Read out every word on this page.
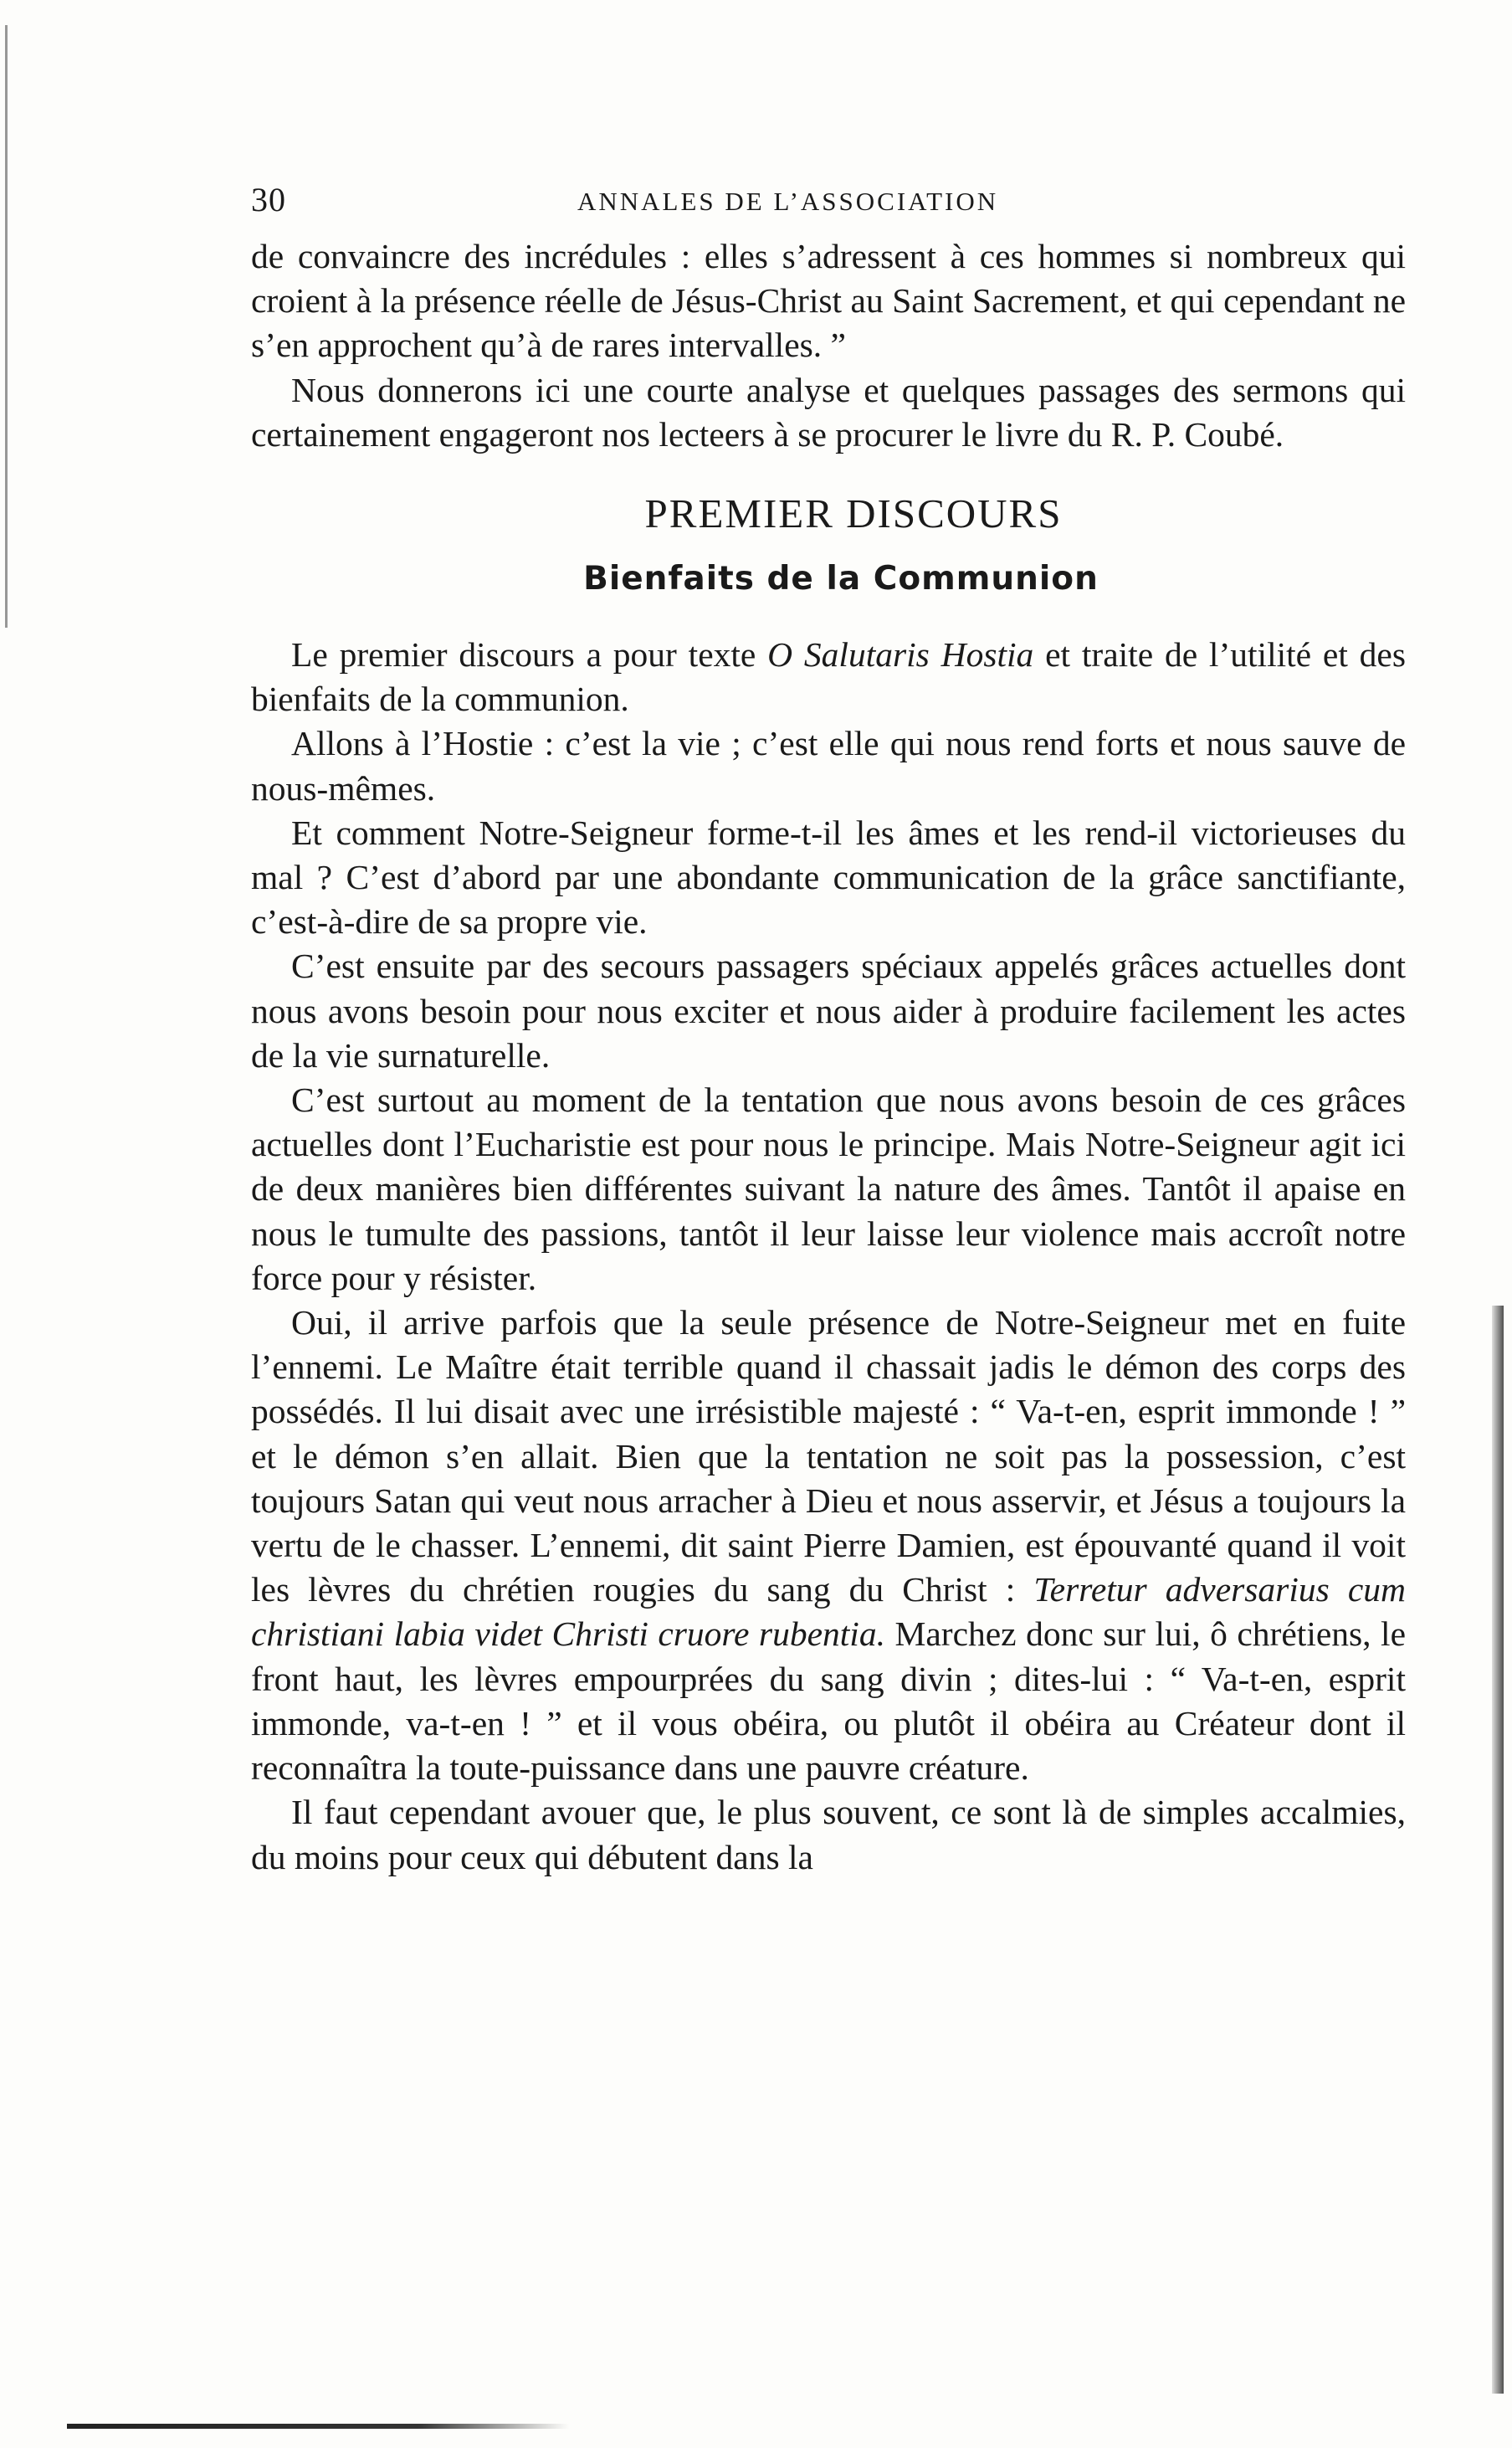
30	ANNALES DE L’ASSOCIATION

de convaincre des incrédules : elles s’adressent à ces hommes si nombreux qui croient à la présence réelle de Jésus-Christ au Saint Sacrement, et qui cependant ne s’en approchent qu’à de rares intervalles. ”

Nous donnerons ici une courte analyse et quelques passages des sermons qui certainement engageront nos lecteers à se procurer le livre du R. P. Coubé.

PREMIER DISCOURS
Bienfaits de la Communion

Le premier discours a pour texte O Salutaris Hostia et traite de l’utilité et des bienfaits de la communion.

Allons à l’Hostie : c’est la vie ; c’est elle qui nous rend forts et nous sauve de nous-mêmes.

Et comment Notre-Seigneur forme-t-il les âmes et les rend-il victorieuses du mal ? C’est d’abord par une abondante communication de la grâce sanctifiante, c’est-à-dire de sa propre vie.

C’est ensuite par des secours passagers spéciaux appelés grâces actuelles dont nous avons besoin pour nous exciter et nous aider à produire facilement les actes de la vie surnaturelle.

C’est surtout au moment de la tentation que nous avons besoin de ces grâces actuelles dont l’Eucharistie est pour nous le principe. Mais Notre-Seigneur agit ici de deux manières bien différentes suivant la nature des âmes. Tantôt il apaise en nous le tumulte des passions, tantôt il leur laisse leur violence mais accroît notre force pour y résister.

Oui, il arrive parfois que la seule présence de Notre-Seigneur met en fuite l’ennemi. Le Maître était terrible quand il chassait jadis le démon des corps des possédés. Il lui disait avec une irrésistible majesté : “ Va-t-en, esprit immonde ! ” et le démon s’en allait. Bien que la tentation ne soit pas la possession, c’est toujours Satan qui veut nous arracher à Dieu et nous asservir, et Jésus a toujours la vertu de le chasser. L’ennemi, dit saint Pierre Damien, est épouvanté quand il voit les lèvres du chrétien rougies du sang du Christ : Terretur adversarius cum christiani labia videt Christi cruore rubentia. Marchez donc sur lui, ô chrétiens, le front haut, les lèvres empourprées du sang divin ; dites-lui : “ Va-t-en, esprit immonde, va-t-en ! ” et il vous obéira, ou plutôt il obéira au Créateur dont il reconnaîtra la toute-puissance dans une pauvre créature.

Il faut cependant avouer que, le plus souvent, ce sont là de simples accalmies, du moins pour ceux qui débutent dans la
